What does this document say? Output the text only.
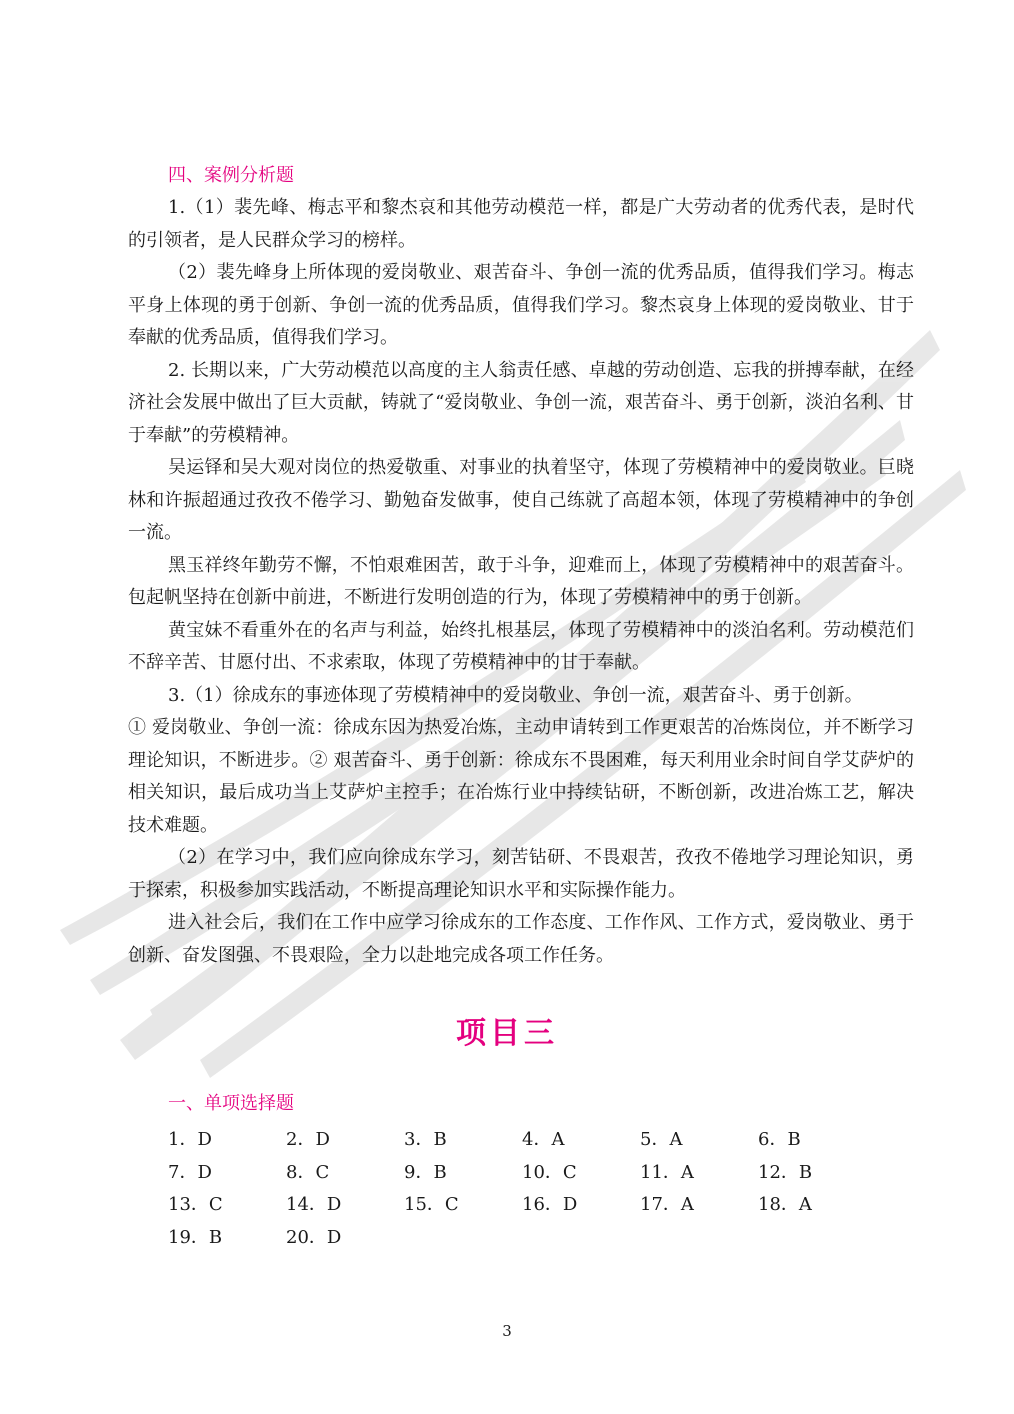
四、案例分析题

1.（1）裴先峰、梅志平和黎杰哀和其他劳动模范一样，都是广大劳动者的优秀代表，是时代的引领者，是人民群众学习的榜样。

（2）裴先峰身上所体现的爱岗敬业、艰苦奋斗、争创一流的优秀品质，值得我们学习。梅志平身上体现的勇于创新、争创一流的优秀品质，值得我们学习。黎杰哀身上体现的爱岗敬业、甘于奉献的优秀品质，值得我们学习。

2. 长期以来，广大劳动模范以高度的主人翁责任感、卓越的劳动创造、忘我的拼搏奉献，在经济社会发展中做出了巨大贡献，铸就了“爱岗敬业、争创一流，艰苦奋斗、勇于创新，淡泊名利、甘于奉献”的劳模精神。

吴运铎和吴大观对岗位的热爱敬重、对事业的执着坚守，体现了劳模精神中的爱岗敬业。巨晓林和许振超通过孜孜不倦学习、勤勉奋发做事，使自己练就了高超本领，体现了劳模精神中的争创一流。

黑玉祥终年勤劳不懈，不怕艰难困苦，敢于斗争，迎难而上，体现了劳模精神中的艰苦奋斗。包起帆坚持在创新中前进，不断进行发明创造的行为，体现了劳模精神中的勇于创新。

黄宝妹不看重外在的名声与利益，始终扎根基层，体现了劳模精神中的淡泊名利。劳动模范们不辞辛苦、甘愿付出、不求索取，体现了劳模精神中的甘于奉献。

3.（1）徐成东的事迹体现了劳模精神中的爱岗敬业、争创一流，艰苦奋斗、勇于创新。

① 爱岗敬业、争创一流：徐成东因为热爱冶炼，主动申请转到工作更艰苦的冶炼岗位，并不断学习理论知识，不断进步。② 艰苦奋斗、勇于创新：徐成东不畏困难，每天利用业余时间自学艾萨炉的相关知识，最后成功当上艾萨炉主控手；在冶炼行业中持续钻研，不断创新，改进冶炼工艺，解决技术难题。

（2）在学习中，我们应向徐成东学习，刻苦钻研、不畏艰苦，孜孜不倦地学习理论知识，勇于探索，积极参加实践活动，不断提高理论知识水平和实际操作能力。

进入社会后，我们在工作中应学习徐成东的工作态度、工作作风、工作方式，爱岗敬业、勇于创新、奋发图强、不畏艰险，全力以赴地完成各项工作任务。

项目三

一、单项选择题

1．D	2．D	3．B	4．A	5．A	6．B
7．D	8．C	9．B	10．C	11．A	12．B
13．C	14．D	15．C	16．D	17．A	18．A
19．B	20．D
3
